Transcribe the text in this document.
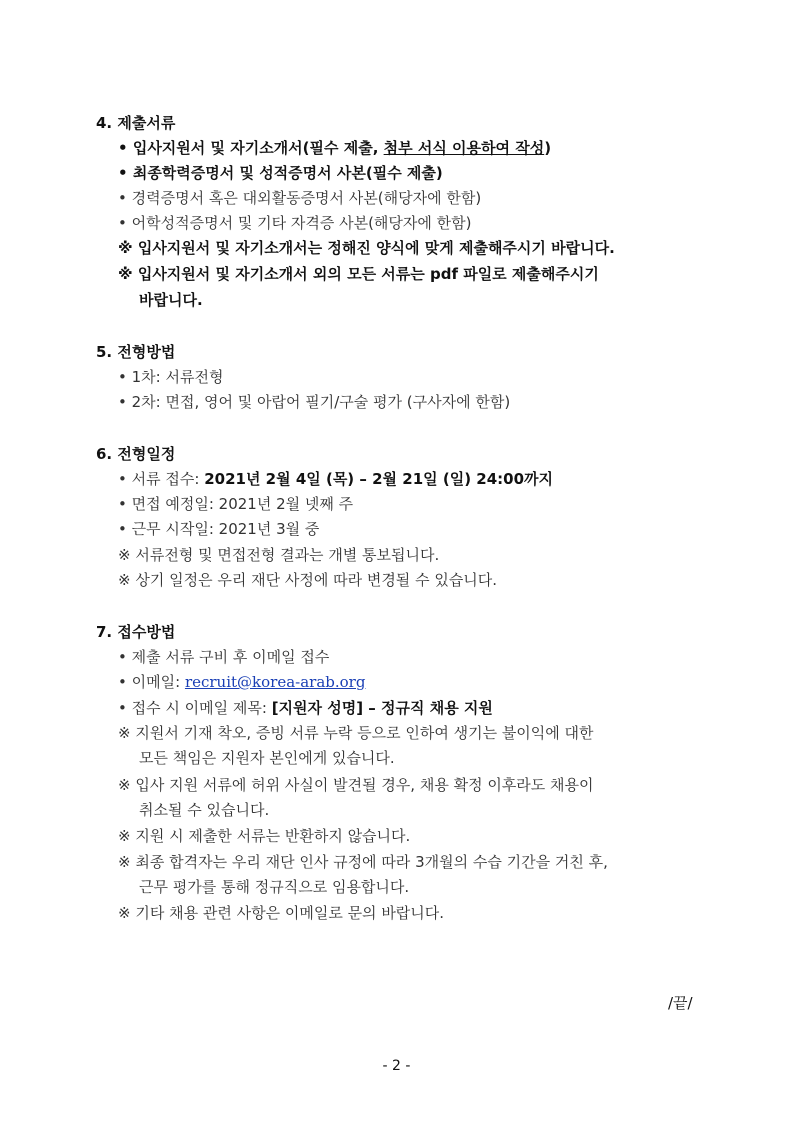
4. 제출서류
• 입사지원서 및 자기소개서(필수 제출, 첨부 서식 이용하여 작성)
• 최종학력증명서 및 성적증명서 사본(필수 제출)
• 경력증명서 혹은 대외활동증명서 사본(해당자에 한함)
• 어학성적증명서 및 기타 자격증 사본(해당자에 한함)
※ 입사지원서 및 자기소개서는 정해진 양식에 맞게 제출해주시기 바랍니다.
※ 입사지원서 및 자기소개서 외의 모든 서류는 pdf 파일로 제출해주시기
바랍니다.
5. 전형방법
• 1차: 서류전형
• 2차: 면접, 영어 및 아랍어 필기/구술 평가 (구사자에 한함)
6. 전형일정
• 서류 접수: 2021년 2월 4일 (목) – 2월 21일 (일) 24:00까지
• 면접 예정일: 2021년 2월 넷째 주
• 근무 시작일: 2021년 3월 중
※ 서류전형 및 면접전형 결과는 개별 통보됩니다.
※ 상기 일정은 우리 재단 사정에 따라 변경될 수 있습니다.
7. 접수방법
• 제출 서류 구비 후 이메일 접수
• 이메일: recruit@korea-arab.org
• 접수 시 이메일 제목: [지원자 성명] – 정규직 채용 지원
※ 지원서 기재 착오, 증빙 서류 누락 등으로 인하여 생기는 불이익에 대한
모든 책임은 지원자 본인에게 있습니다.
※ 입사 지원 서류에 허위 사실이 발견될 경우, 채용 확정 이후라도 채용이
취소될 수 있습니다.
※ 지원 시 제출한 서류는 반환하지 않습니다.
※ 최종 합격자는 우리 재단 인사 규정에 따라 3개월의 수습 기간을 거친 후,
근무 평가를 통해 정규직으로 임용합니다.
※ 기타 채용 관련 사항은 이메일로 문의 바랍니다.
/끝/
- 2 -
